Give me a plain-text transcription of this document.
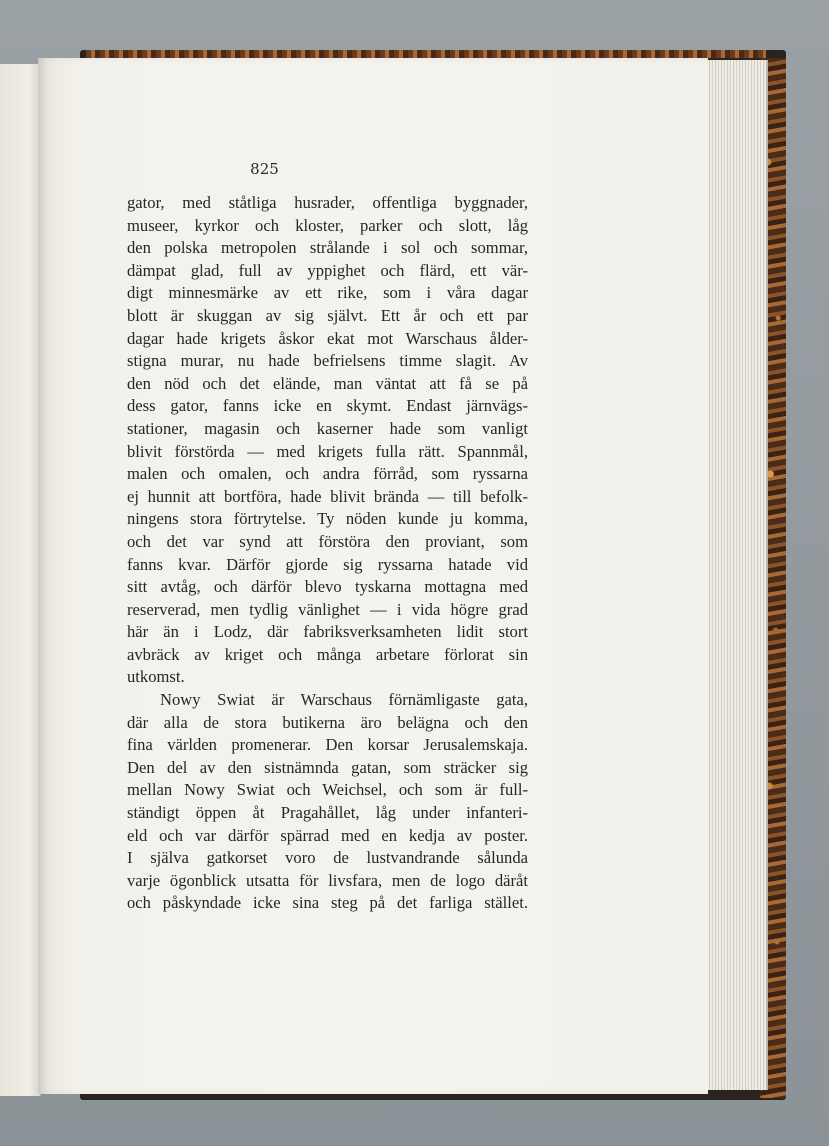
825
gator, med ståtliga husrader, offentliga byggnader,
museer, kyrkor och kloster, parker och slott, låg
den polska metropolen strålande i sol och sommar,
dämpat glad, full av yppighet och flärd, ett vär-
digt minnesmärke av ett rike, som i våra dagar
blott är skuggan av sig självt. Ett år och ett par
dagar hade krigets åskor ekat mot Warschaus ålder-
stigna murar, nu hade befrielsens timme slagit. Av
den nöd och det elände, man väntat att få se på
dess gator, fanns icke en skymt. Endast järnvägs-
stationer, magasin och kaserner hade som vanligt
blivit förstörda — med krigets fulla rätt. Spannmål,
malen och omalen, och andra förråd, som ryssarna
ej hunnit att bortföra, hade blivit brända — till befolk-
ningens stora förtrytelse. Ty nöden kunde ju komma,
och det var synd att förstöra den proviant, som
fanns kvar. Därför gjorde sig ryssarna hatade vid
sitt avtåg, och därför blevo tyskarna mottagna med
reserverad, men tydlig vänlighet — i vida högre grad
här än i Lodz, där fabriksverksamheten lidit stort
avbräck av kriget och många arbetare förlorat sin
utkomst.
Nowy Swiat är Warschaus förnämligaste gata,
där alla de stora butikerna äro belägna och den
fina världen promenerar. Den korsar Jerusalemskaja.
Den del av den sistnämnda gatan, som sträcker sig
mellan Nowy Swiat och Weichsel, och som är full-
ständigt öppen åt Pragahållet, låg under infanteri-
eld och var därför spärrad med en kedja av poster.
I själva gatkorset voro de lustvandrande sålunda
varje ögonblick utsatta för livsfara, men de logo däråt
och påskyndade icke sina steg på det farliga stället.
